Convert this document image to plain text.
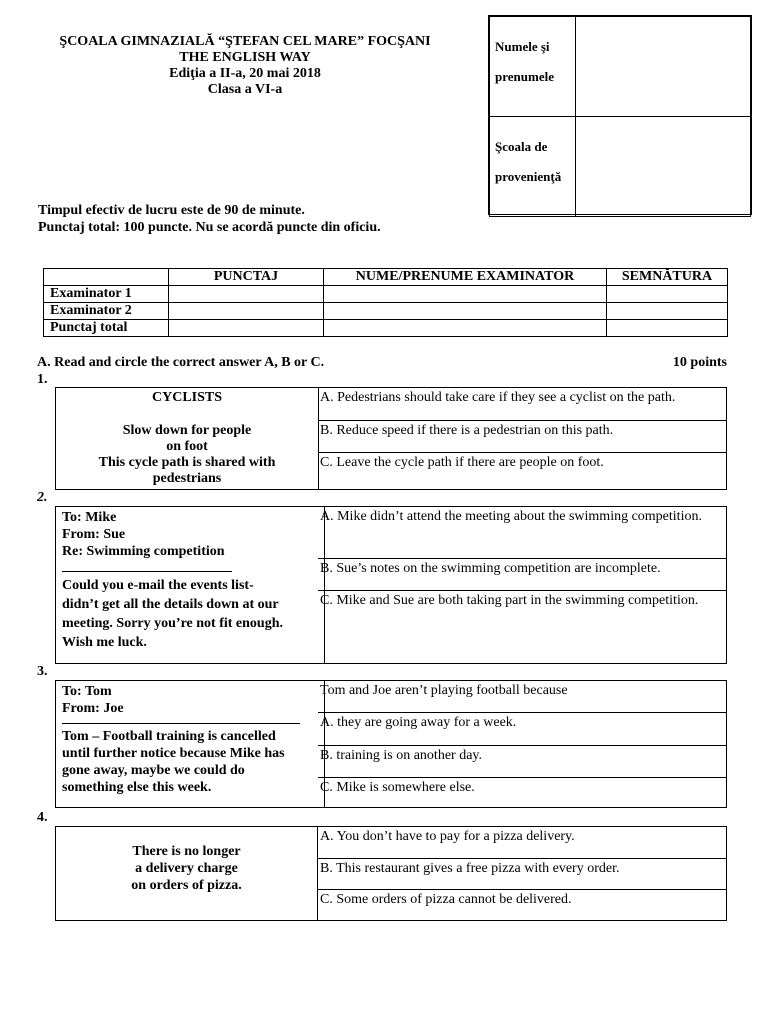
ŞCOALA GIMNAZIALĂ “ŞTEFAN CEL MARE” FOCŞANI
THE ENGLISH WAY
Ediţia a II-a, 20 mai 2018
Clasa a VI-a
Numele şi
prenumele	

Şcoala de
provenienţă	

Timpul efectiv de lucru este de 90 de minute.
Punctaj total: 100 puncte. Nu se acordă puncte din oficiu.
	PUNCTAJ	NUME/PRENUME EXAMINATOR	SEMNĂTURA
Examinator 1			
Examinator 2			
Punctaj total			
A. Read and circle the correct answer A, B or C.	10 points
1.
CYCLISTS
Slow down for people
on foot
This cycle path is shared with
pedestrians
A. Pedestrians should take care if they see a cyclist on the path.
B. Reduce speed if there is a pedestrian on this path.
C. Leave the cycle path if there are people on foot.
2.
To: Mike
From: Sue
Re: Swimming competition
Could you e-mail the events list-
didn’t get all the details down at our
meeting. Sorry you’re not fit enough.
Wish me luck.
A. Mike didn’t attend the meeting about the swimming competition.
B. Sue’s notes on the swimming competition are incomplete.
C. Mike and Sue are both taking part in the swimming competition.
3.
To: Tom
From: Joe
Tom – Football training is cancelled
until further notice because Mike has
gone away, maybe we could do
something else this week.
Tom and Joe aren’t playing football because
A. they are going away for a week.
B. training is on another day.
C. Mike is somewhere else.
4.
There is no longer
a delivery charge
on orders of pizza.
A. You don’t have to pay for a pizza delivery.
B. This restaurant gives a free pizza with every order.
C. Some orders of pizza cannot be delivered.
